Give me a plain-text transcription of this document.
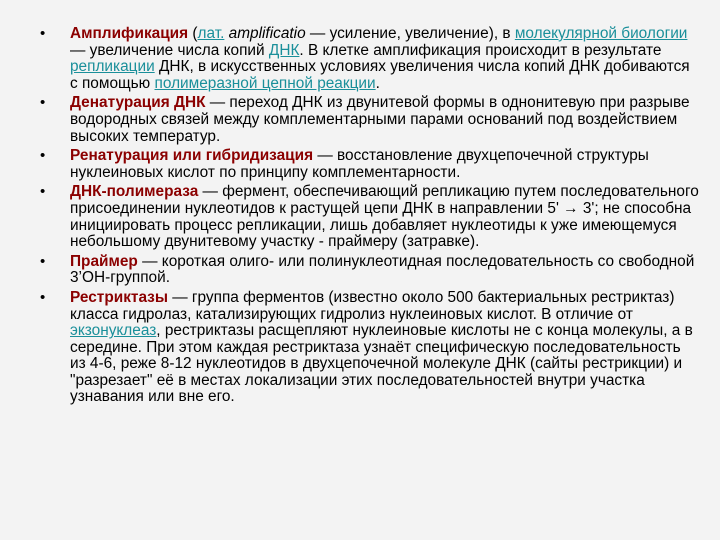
• Амплификация (лат. amplificatio — усиление, увеличение), в молекулярной биологии — увеличение числа копий ДНК. В клетке амплификация происходит в результате репликации ДНК, в искусственных условиях увеличения числа копий ДНК добиваются с помощью полимеразной цепной реакции.
• Денатурация ДНК — переход ДНК из двунитевой формы в однонитевую при разрыве водородных связей между комплементарными парами оснований под воздействием высоких температур.
• Ренатурация или гибридизация — восстановление двухцепочечной структуры нуклеиновых кислот по принципу комплементарности.
• ДНК-полимераза — фермент, обеспечивающий репликацию путем последовательного присоединении нуклеотидов к растущей цепи ДНК в направлении 5' → 3'; не способна инициировать процесс репликации, лишь добавляет нуклеотиды к уже имеющемуся небольшому двунитевому участку - праймеру (затравке).
• Праймер — короткая олиго- или полинуклеотидная последовательность со свободной 3’ОН-группой.
• Рестриктазы — группа ферментов (известно около 500 бактериальных рестриктаз) класса гидролаз, катализирующих гидролиз нуклеиновых кислот. В отличие от экзонуклеаз, рестриктазы расщепляют нуклеиновые кислоты не с конца молекулы, а в середине. При этом каждая рестриктаза узнаёт специфическую последовательность из 4-6, реже 8-12 нуклеотидов в двухцепочечной молекуле ДНК (сайты рестрикции) и "разрезает" её в местах локализации этих последовательностей внутри участка узнавания или вне его.
